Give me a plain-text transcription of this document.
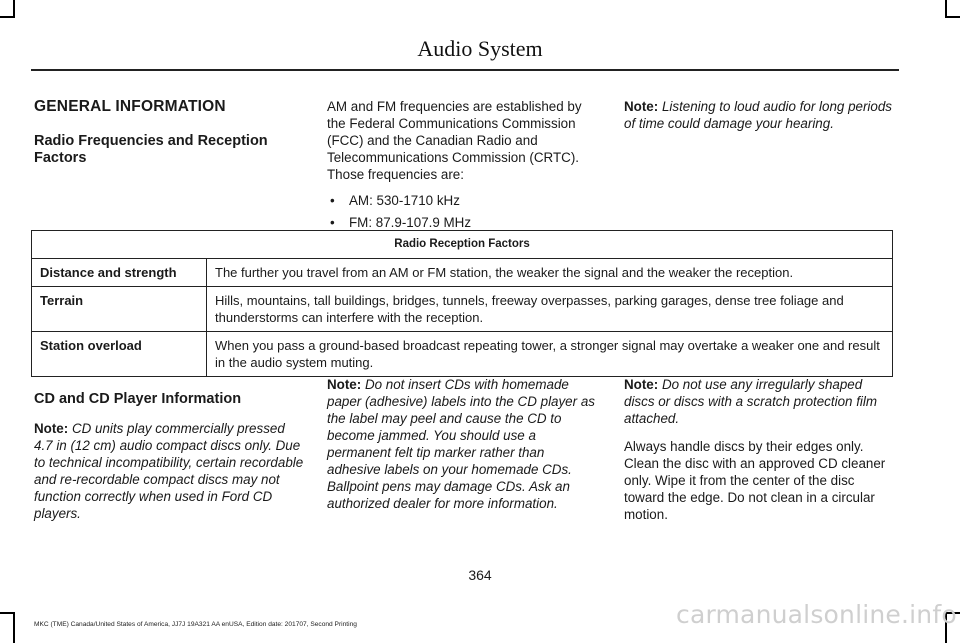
Audio System
GENERAL INFORMATION
Radio Frequencies and Reception Factors

AM and FM frequencies are established by the Federal Communications Commission (FCC) and the Canadian Radio and Telecommunications Commission (CRTC). Those frequencies are:

• AM: 530-1710 kHz
• FM: 87.9-107.9 MHz

Note: Listening to loud audio for long periods of time could damage your hearing.

Radio Reception Factors	
Distance and strength	The further you travel from an AM or FM station, the weaker the signal and the weaker the reception.
Terrain	Hills, mountains, tall buildings, bridges, tunnels, freeway overpasses, parking garages, dense tree foliage and thunderstorms can interfere with the reception.
Station overload	When you pass a ground-based broadcast repeating tower, a stronger signal may overtake a weaker one and result in the audio system muting.
CD and CD Player Information

Note: CD units play commercially pressed 4.7 in (12 cm) audio compact discs only. Due to technical incompatibility, certain recordable and re-recordable compact discs may not function correctly when used in Ford CD players.

Note: Do not insert CDs with homemade paper (adhesive) labels into the CD player as the label may peel and cause the CD to become jammed. You should use a permanent felt tip marker rather than adhesive labels on your homemade CDs. Ballpoint pens may damage CDs. Ask an authorized dealer for more information.

Note: Do not use any irregularly shaped discs or discs with a scratch protection film attached.

Always handle discs by their edges only. Clean the disc with an approved CD cleaner only. Wipe it from the center of the disc toward the edge. Do not clean in a circular motion.

364
MKC (TME) Canada/United States of America, JJ7J 19A321 AA enUSA, Edition date: 201707, Second Printing	carmanualsonline.info
